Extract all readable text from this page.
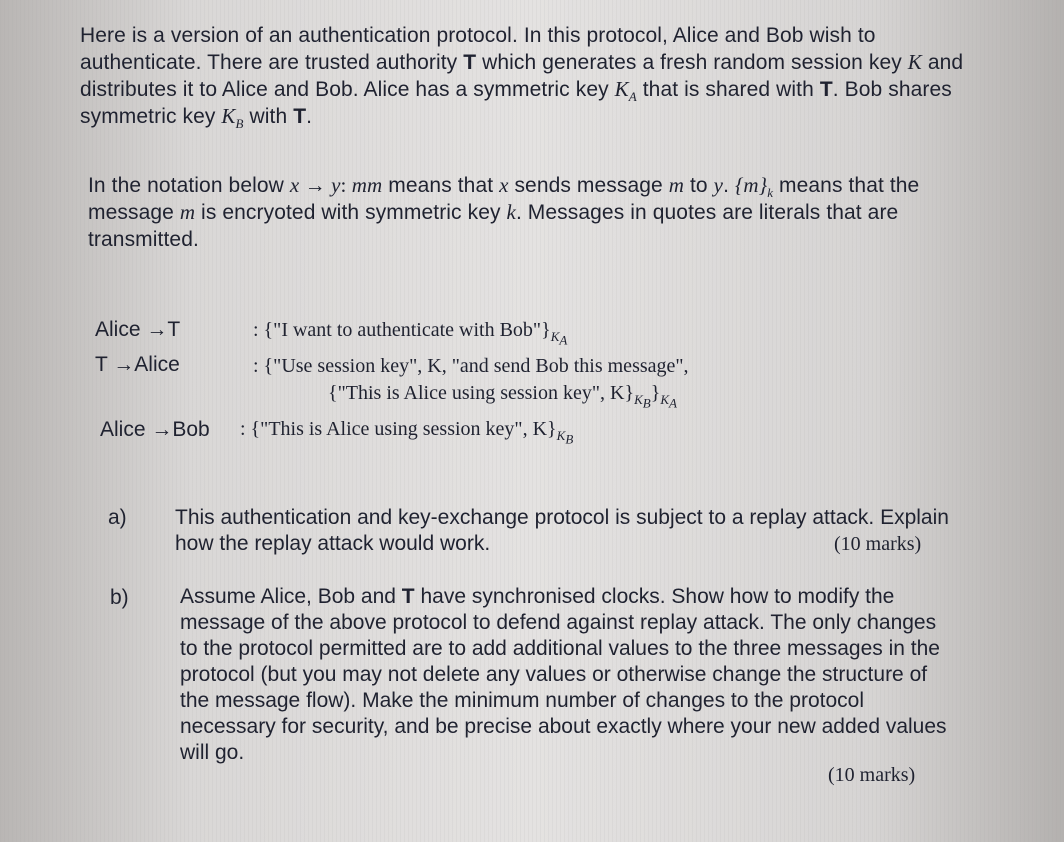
Here is a version of an authentication protocol. In this protocol, Alice and Bob wish to authenticate. There are trusted authority T which generates a fresh random session key K and distributes it to Alice and Bob. Alice has a symmetric key $K_A$ that is shared with T. Bob shares symmetric key $K_B$ with T.
In the notation below x → y: mm means that x sends message m to y. $\{m\}_k$ means that the message m is encryoted with symmetric key k. Messages in quotes are literals that are transmitted.
Alice →T	: {"I want to authenticate with $Bob"\}_{K_A}$
T →Alice	: {"Use session key", K, "and send Bob this message",
{"This is Alice using session key", $K\}_{K_B}\}_{K_A}$
Alice →Bob : {"This is Alice using session key", $K\}_{K_B}$
a) This authentication and key-exchange protocol is subject to a replay attack. Explain how the replay attack would work.	(10 marks)
b) Assume Alice, Bob and T have synchronised clocks. Show how to modify the message of the above protocol to defend against replay attack. The only changes to the protocol permitted are to add additional values to the three messages in the protocol (but you may not delete any values or otherwise change the structure of the message flow). Make the minimum number of changes to the protocol necessary for security, and be precise about exactly where your new added values will go.
(10 marks)
